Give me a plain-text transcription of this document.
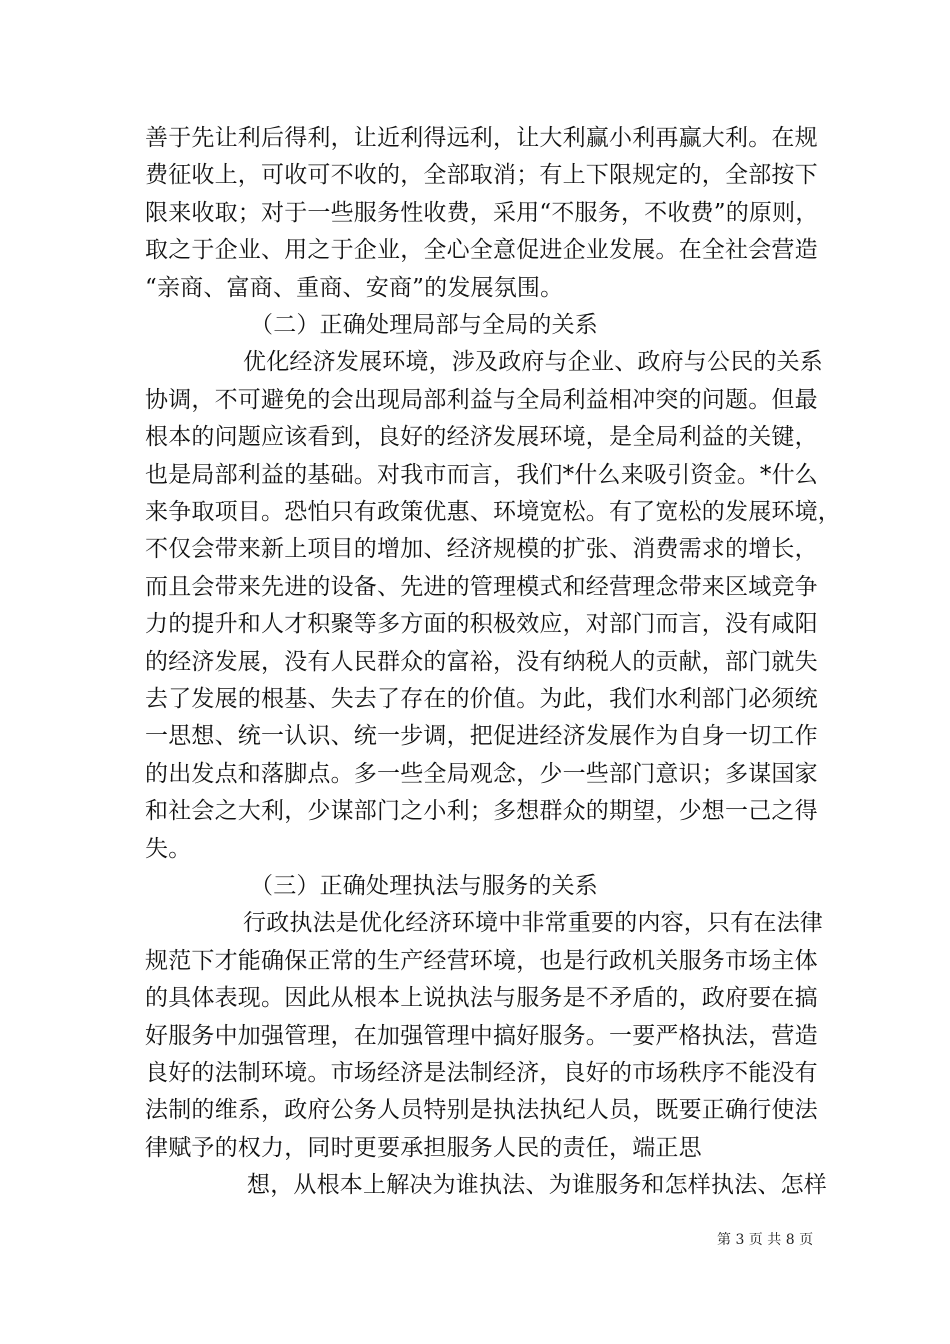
善于先让利后得利，让近利得远利，让大利赢小利再赢大利。在规
费征收上，可收可不收的，全部取消；有上下限规定的，全部按下
限来收取；对于一些服务性收费，采用“不服务，不收费”的原则，
取之于企业、用之于企业，全心全意促进企业发展。在全社会营造
“亲商、富商、重商、安商”的发展氛围。
（二）正确处理局部与全局的关系
优化经济发展环境，涉及政府与企业、政府与公民的关系
协调，不可避免的会出现局部利益与全局利益相冲突的问题。但最
根本的问题应该看到，良好的经济发展环境，是全局利益的关键，
也是局部利益的基础。对我市而言，我们*什么来吸引资金。*什么
来争取项目。恐怕只有政策优惠、环境宽松。有了宽松的发展环境，
不仅会带来新上项目的增加、经济规模的扩张、消费需求的增长，
而且会带来先进的设备、先进的管理模式和经营理念带来区域竞争
力的提升和人才积聚等多方面的积极效应，对部门而言，没有咸阳
的经济发展，没有人民群众的富裕，没有纳税人的贡献，部门就失
去了发展的根基、失去了存在的价值。为此，我们水利部门必须统
一思想、统一认识、统一步调，把促进经济发展作为自身一切工作
的出发点和落脚点。多一些全局观念，少一些部门意识；多谋国家
和社会之大利，少谋部门之小利；多想群众的期望，少想一己之得
失。
（三）正确处理执法与服务的关系
行政执法是优化经济环境中非常重要的内容，只有在法律
规范下才能确保正常的生产经营环境，也是行政机关服务市场主体
的具体表现。因此从根本上说执法与服务是不矛盾的，政府要在搞
好服务中加强管理，在加强管理中搞好服务。一要严格执法，营造
良好的法制环境。市场经济是法制经济，良好的市场秩序不能没有
法制的维系，政府公务人员特别是执法执纪人员，既要正确行使法
律赋予的权力，同时更要承担服务人民的责任，端正思
想，从根本上解决为谁执法、为谁服务和怎样执法、怎样
第 3 页 共 8 页
